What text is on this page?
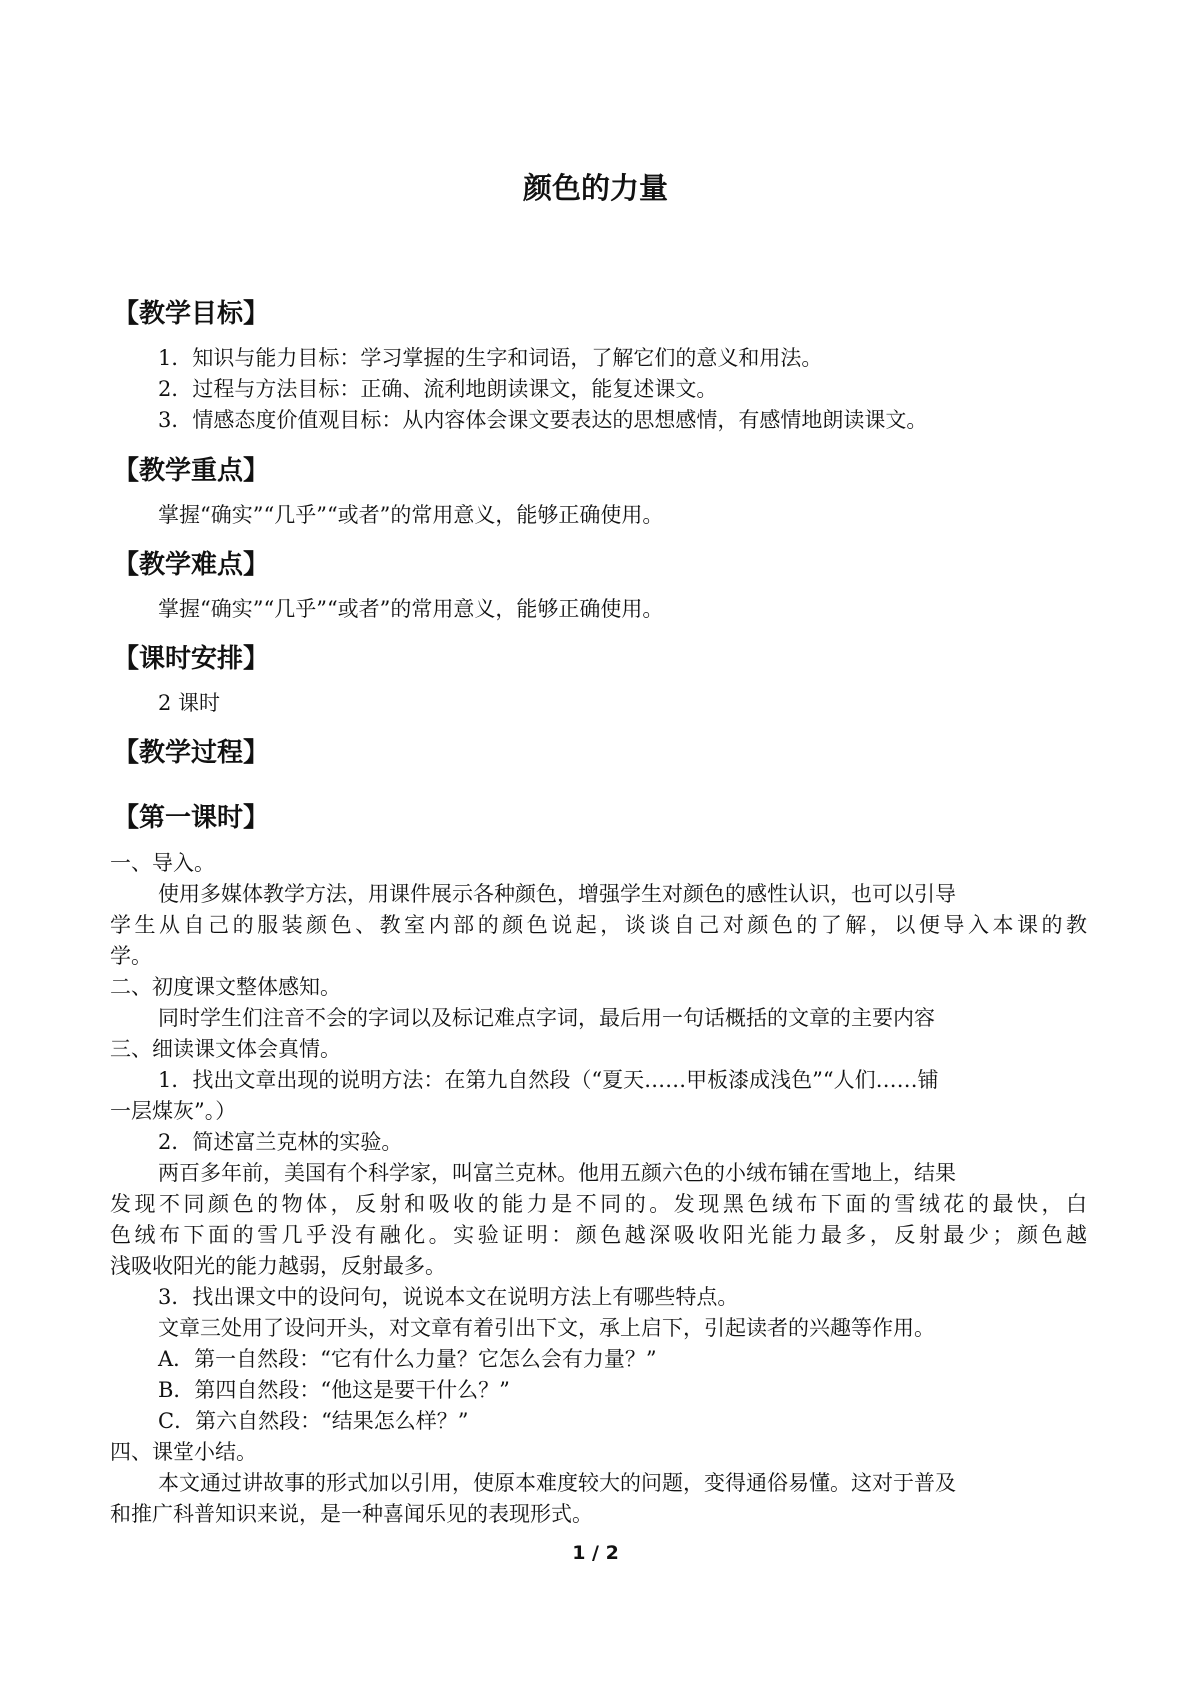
颜色的力量
【教学目标】

1．知识与能力目标：学习掌握的生字和词语，了解它们的意义和用法。

2．过程与方法目标：正确、流利地朗读课文，能复述课文。

3．情感态度价值观目标：从内容体会课文要表达的思想感情，有感情地朗读课文。

【教学重点】

掌握“确实”“几乎”“或者”的常用意义，能够正确使用。

【教学难点】

掌握“确实”“几乎”“或者”的常用意义，能够正确使用。

【课时安排】

2 课时

【教学过程】
【第一课时】

一、导入。

使用多媒体教学方法，用课件展示各种颜色，增强学生对颜色的感性认识，也可以引导

学生从自己的服装颜色、教室内部的颜色说起，谈谈自己对颜色的了解，以便导入本课的教

学。

二、初度课文整体感知。

同时学生们注音不会的字词以及标记难点字词，最后用一句话概括的文章的主要内容

三、细读课文体会真情。

1．找出文章出现的说明方法：在第九自然段（“夏天……甲板漆成浅色”“人们……铺

一层煤灰”。）

2．简述富兰克林的实验。

两百多年前，美国有个科学家，叫富兰克林。他用五颜六色的小绒布铺在雪地上，结果

发现不同颜色的物体，反射和吸收的能力是不同的。发现黑色绒布下面的雪绒花的最快，白

色绒布下面的雪几乎没有融化。实验证明：颜色越深吸收阳光能力最多，反射最少；颜色越

浅吸收阳光的能力越弱，反射最多。

3．找出课文中的设问句，说说本文在说明方法上有哪些特点。

文章三处用了设问开头，对文章有着引出下文，承上启下，引起读者的兴趣等作用。

A．第一自然段：“它有什么力量？它怎么会有力量？”

B．第四自然段：“他这是要干什么？”

C．第六自然段：“结果怎么样？”

四、课堂小结。

本文通过讲故事的形式加以引用，使原本难度较大的问题，变得通俗易懂。这对于普及

和推广科普知识来说，是一种喜闻乐见的表现形式。

1 / 2
